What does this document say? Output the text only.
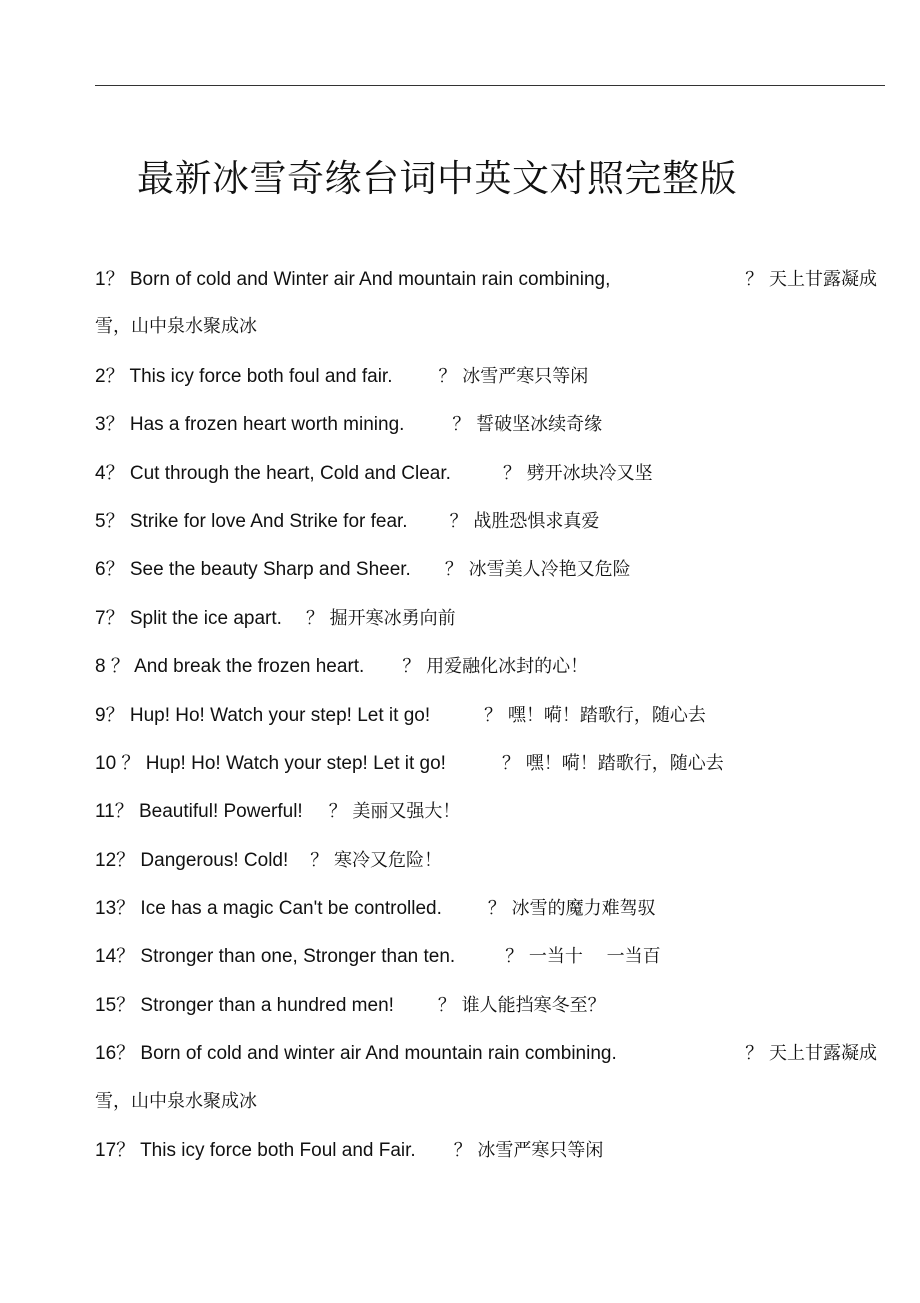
最新冰雪奇缘台词中英文对照完整版
1？ Born of cold and Winter air And mountain rain combining,	？ 天上甘露凝成
雪，山中泉水聚成冰
2？ This icy force both foul and fair.	？ 冰雪严寒只等闲
3？ Has a frozen heart worth mining.	？ 誓破坚冰续奇缘
4？ Cut through the heart, Cold and Clear.	？ 劈开冰块冷又坚
5？ Strike for love And Strike for fear. ？ 战胜恐惧求真爱
6？ See the beauty Sharp and Sheer. ？ 冰雪美人冷艳又危险
7？ Split the ice apart. ？ 掘开寒冰勇向前
8 ？ And break the frozen heart. ？ 用爱融化冰封的心！
9？ Hup! Ho! Watch your step! Let it go!	？ 嘿！嗬！踏歌行，随心去
10 ？ Hup! Ho! Watch your step! Let it go!	？ 嘿！嗬！踏歌行，随心去
11？ Beautiful! Powerful! ？ 美丽又强大！
12？ Dangerous! Cold! ？ 寒冷又危险！
13？ Ice has a magic Can't be controlled.	？ 冰雪的魔力难驾驭
14？ Stronger than one, Stronger than ten.	？ 一当十　 一当百
15？ Stronger than a hundred men! ？ 谁人能挡寒冬至？
16？ Born of cold and winter air And mountain rain combining.	？ 天上甘露凝成
雪，山中泉水聚成冰
17？ This icy force both Foul and Fair. ？ 冰雪严寒只等闲
